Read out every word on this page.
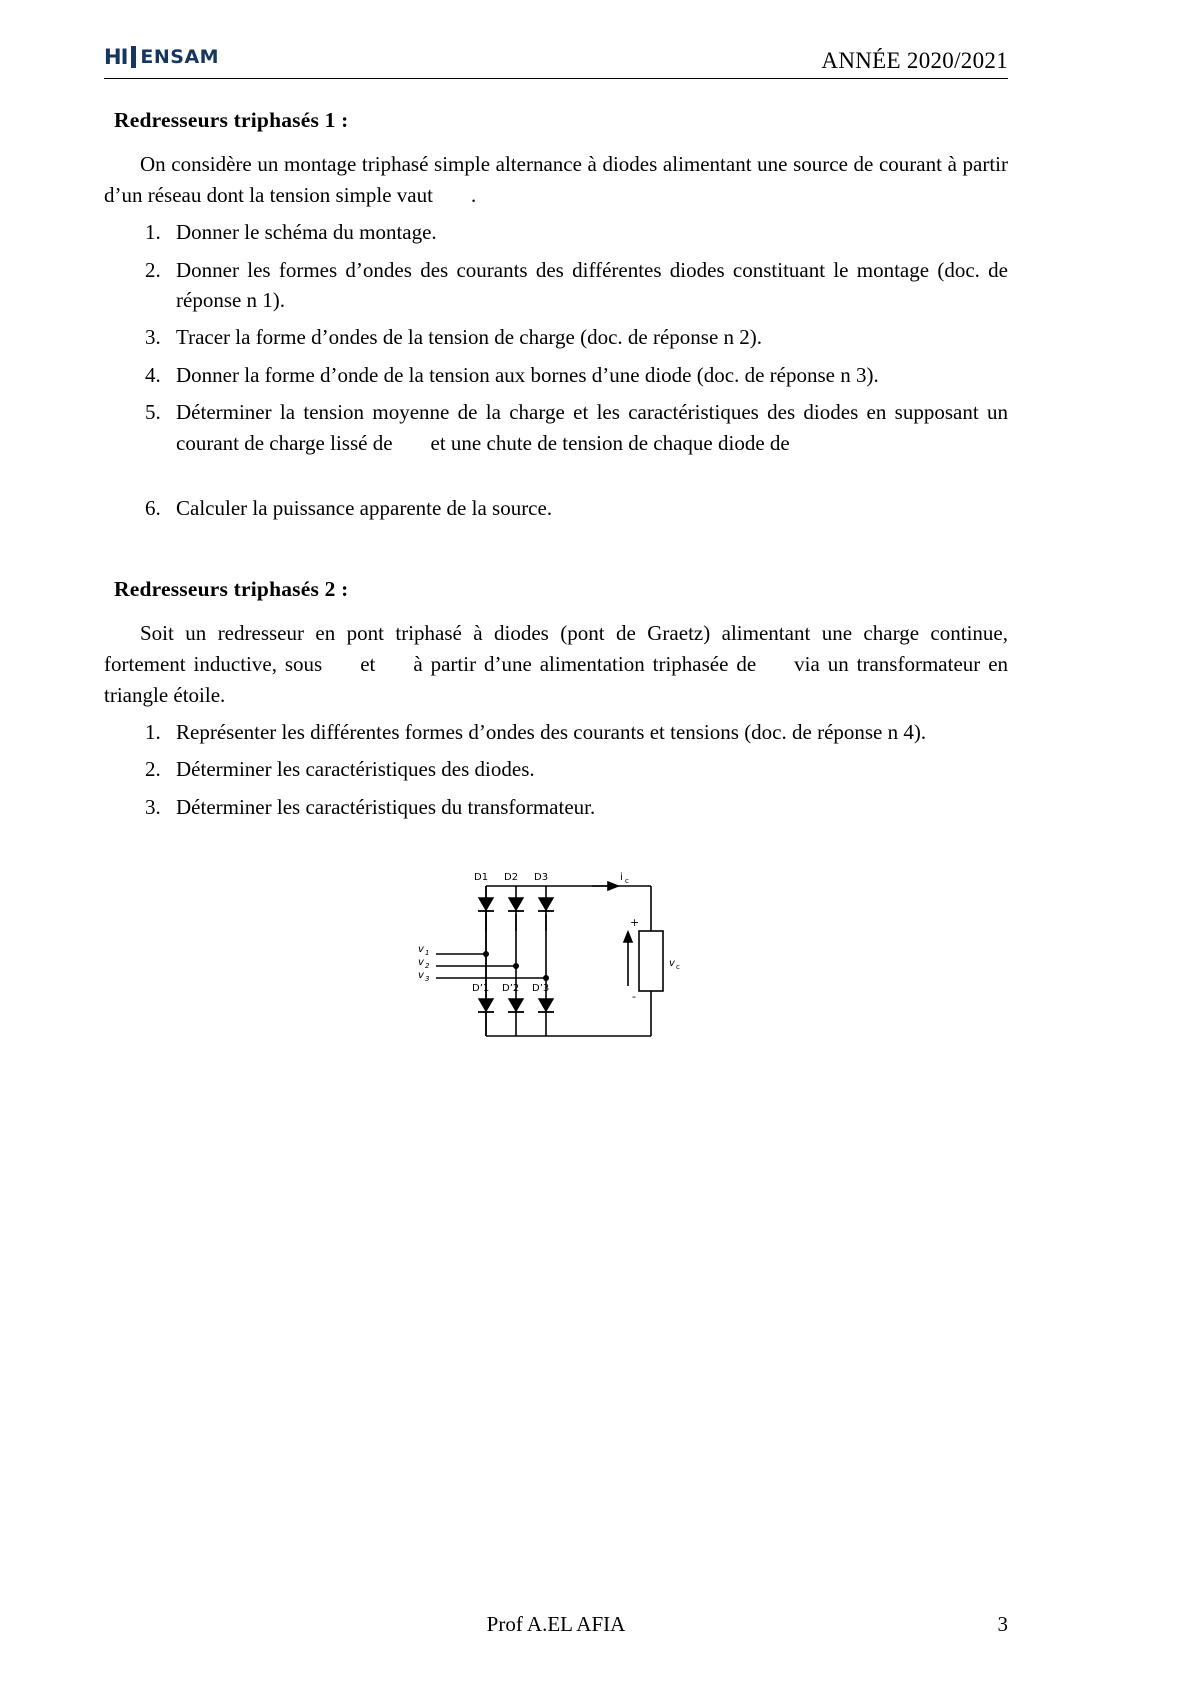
HI ENSAM	ANNÉE 2020/2021
Redresseurs triphasés 1 :

On considère un montage triphasé simple alternance à diodes alimentant une source de courant à partir d’un réseau dont la tension simple vaut .

1. Donner le schéma du montage.
2. Donner les formes d’ondes des courants des différentes diodes constituant le montage (doc. de réponse n 1).
3. Tracer la forme d’ondes de la tension de charge (doc. de réponse n 2).
4. Donner la forme d’onde de la tension aux bornes d’une diode (doc. de réponse n 3).
5. Déterminer la tension moyenne de la charge et les caractéristiques des diodes en supposant un courant de charge lissé de et une chute de tension de chaque diode de
6. Calculer la puissance apparente de la source.
Redresseurs triphasés 2 :

Soit un redresseur en pont triphasé à diodes (pont de Graetz) alimentant une charge continue, fortement inductive, sous et à partir d’une alimentation triphasée de via un transformateur en triangle étoile.

1. Représenter les différentes formes d’ondes des courants et tensions (doc. de réponse n 4).
2. Déterminer les caractéristiques des diodes.
3. Déterminer les caractéristiques du transformateur.
D1 D2 D3
D’1 D’2 D’3
i c
v c
+
-
v 1
v 2
v 3
Prof A.EL AFIA	3
